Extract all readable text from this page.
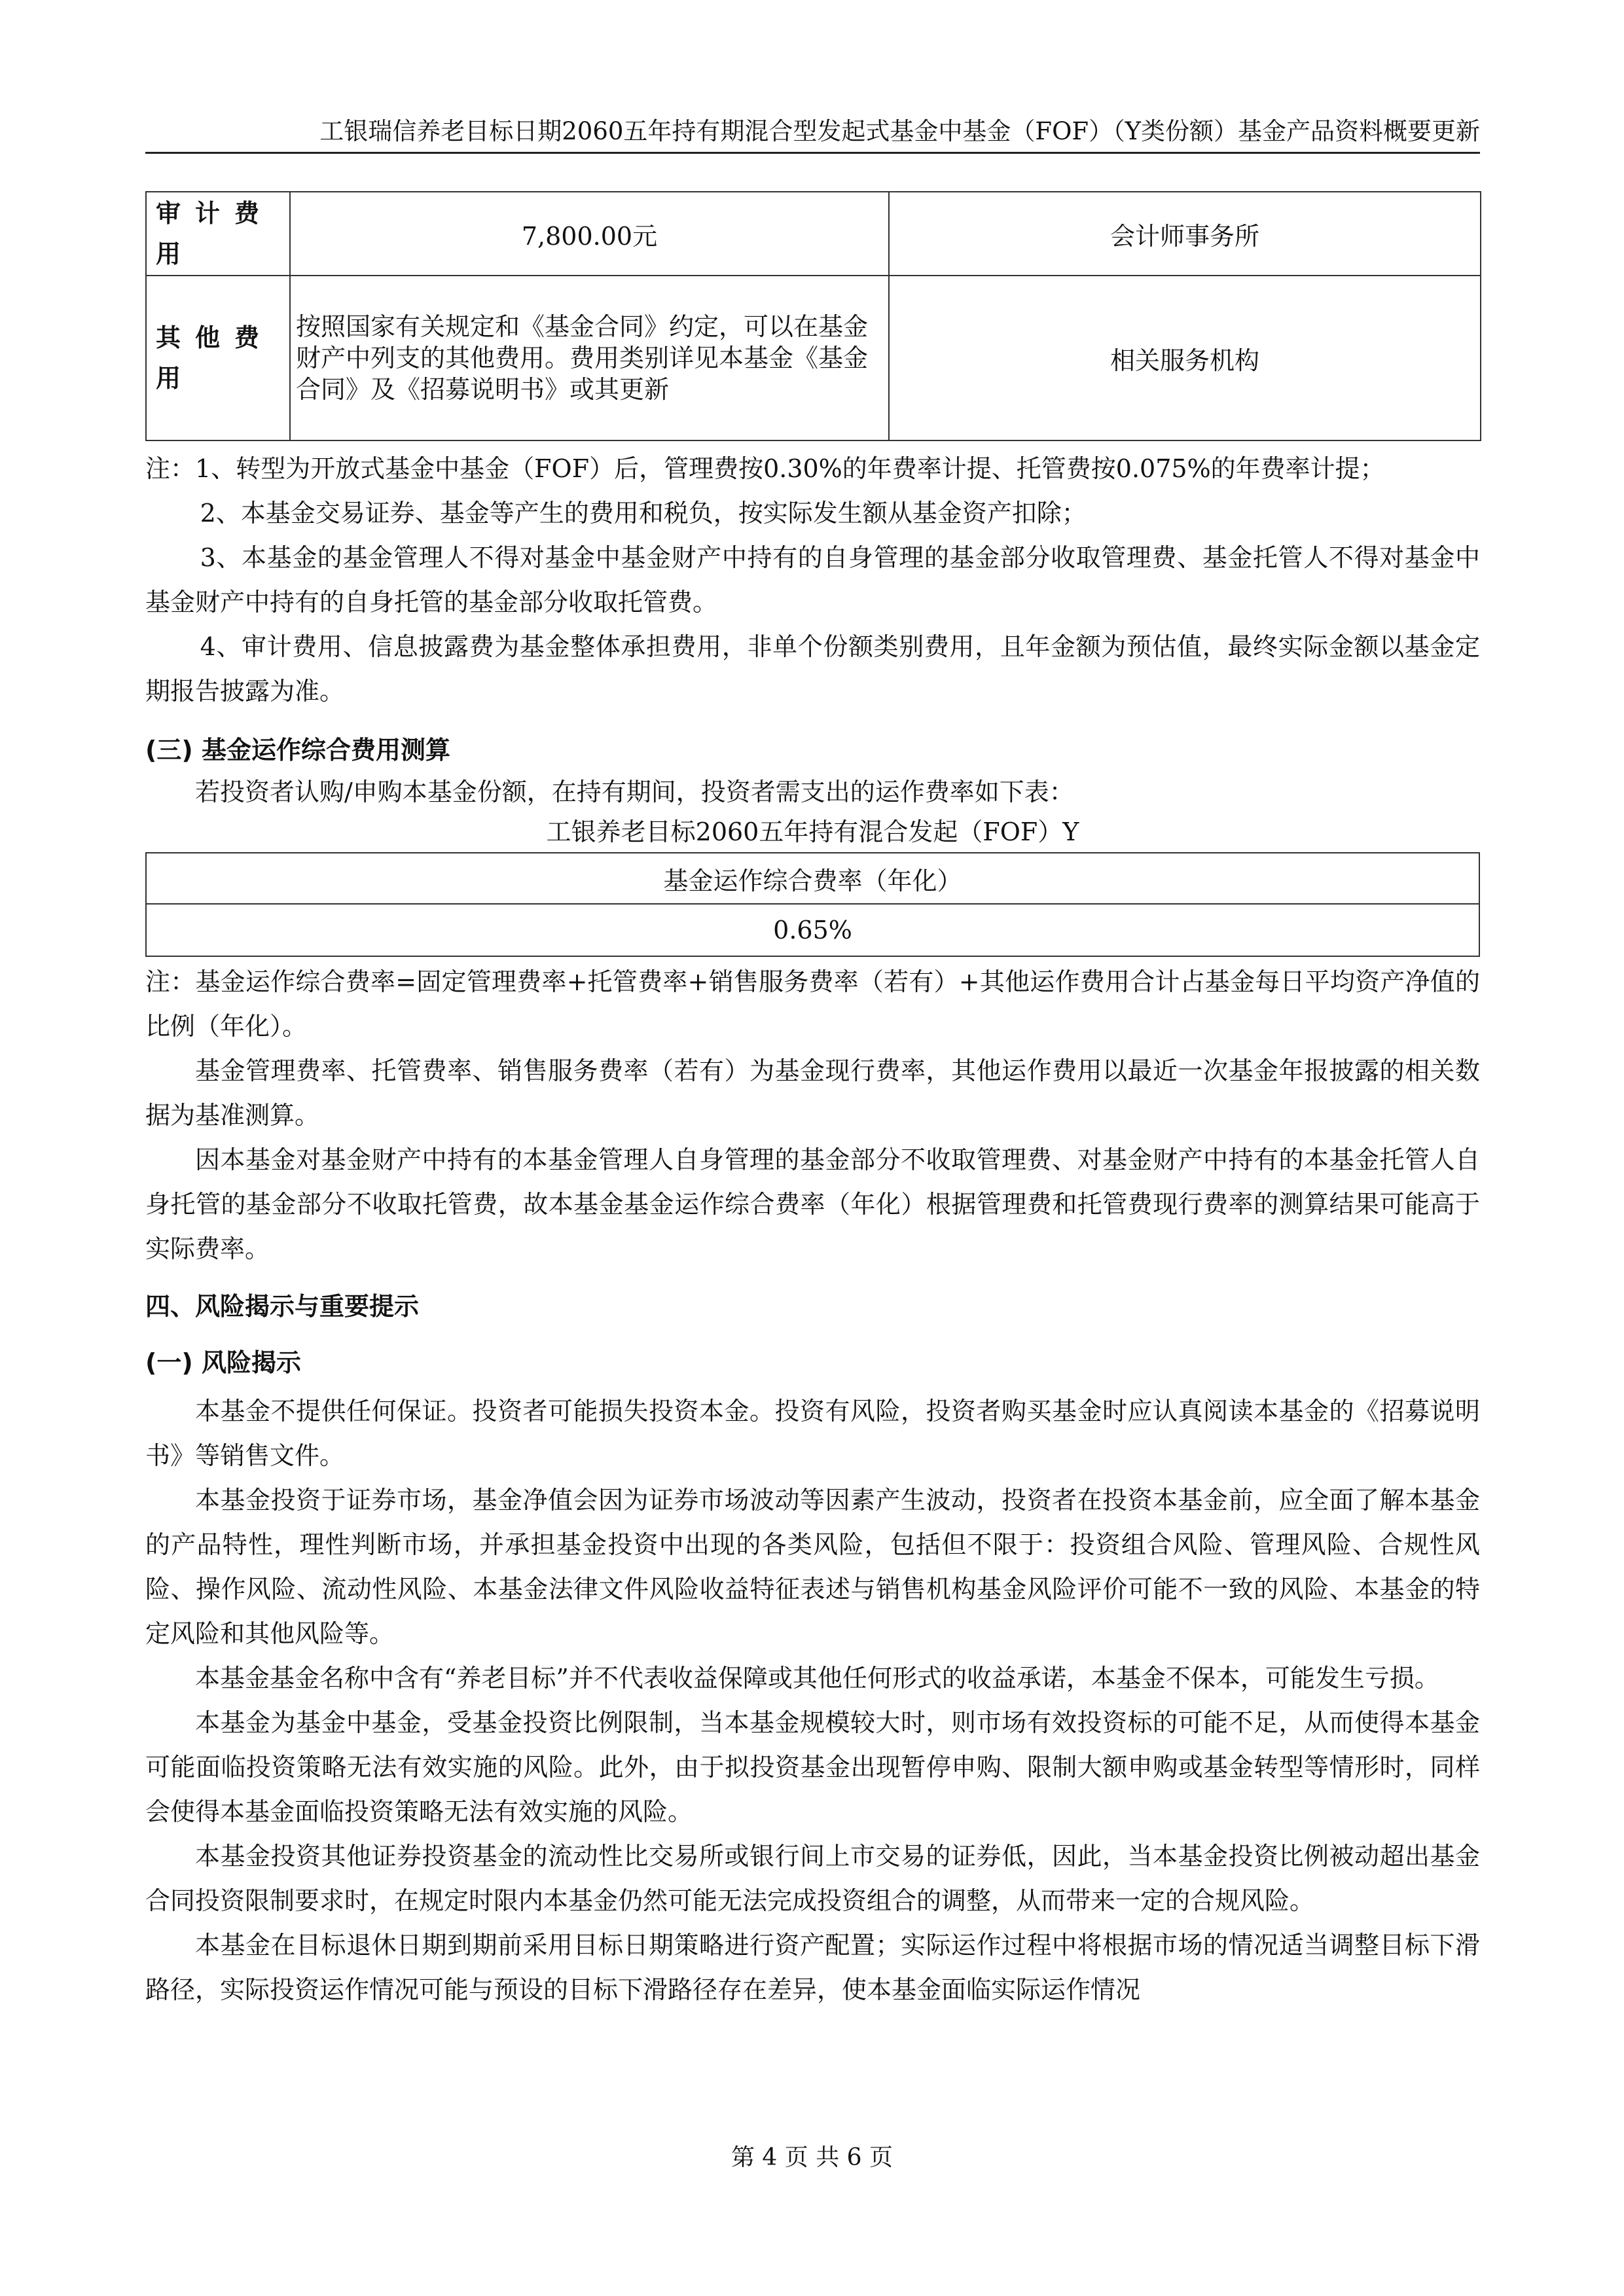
工银瑞信养老目标日期2060五年持有期混合型发起式基金中基金（FOF）（Y类份额）基金产品资料概要更新
审计费用	7,800.00元	会计师事务所
其他费用	按照国家有关规定和《基金合同》约定，可以在基金财产中列支的其他费用。费用类别详见本基金《基金合同》及《招募说明书》或其更新	相关服务机构

注：1、转型为开放式基金中基金（FOF）后，管理费按0.30%的年费率计提、托管费按0.075%的年费率计提；

2、本基金交易证券、基金等产生的费用和税负，按实际发生额从基金资产扣除；

3、本基金的基金管理人不得对基金中基金财产中持有的自身管理的基金部分收取管理费、基金托管人不得对基金中基金财产中持有的自身托管的基金部分收取托管费。

4、审计费用、信息披露费为基金整体承担费用，非单个份额类别费用，且年金额为预估值，最终实际金额以基金定期报告披露为准。

(三) 基金运作综合费用测算

若投资者认购/申购本基金份额，在持有期间，投资者需支出的运作费率如下表：

工银养老目标2060五年持有混合发起（FOF）Y

基金运作综合费率（年化）
0.65%

注：基金运作综合费率=固定管理费率+托管费率+销售服务费率（若有）+其他运作费用合计占基金每日平均资产净值的比例（年化）。

基金管理费率、托管费率、销售服务费率（若有）为基金现行费率，其他运作费用以最近一次基金年报披露的相关数据为基准测算。

因本基金对基金财产中持有的本基金管理人自身管理的基金部分不收取管理费、对基金财产中持有的本基金托管人自身托管的基金部分不收取托管费，故本基金基金运作综合费率（年化）根据管理费和托管费现行费率的测算结果可能高于实际费率。

四、风险揭示与重要提示

(一) 风险揭示

本基金不提供任何保证。投资者可能损失投资本金。投资有风险，投资者购买基金时应认真阅读本基金的《招募说明书》等销售文件。

本基金投资于证券市场，基金净值会因为证券市场波动等因素产生波动，投资者在投资本基金前，应全面了解本基金的产品特性，理性判断市场，并承担基金投资中出现的各类风险，包括但不限于：投资组合风险、管理风险、合规性风险、操作风险、流动性风险、本基金法律文件风险收益特征表述与销售机构基金风险评价可能不一致的风险、本基金的特定风险和其他风险等。

本基金基金名称中含有“养老目标”并不代表收益保障或其他任何形式的收益承诺，本基金不保本，可能发生亏损。

本基金为基金中基金，受基金投资比例限制，当本基金规模较大时，则市场有效投资标的可能不足，从而使得本基金可能面临投资策略无法有效实施的风险。此外，由于拟投资基金出现暂停申购、限制大额申购或基金转型等情形时，同样会使得本基金面临投资策略无法有效实施的风险。

本基金投资其他证券投资基金的流动性比交易所或银行间上市交易的证券低，因此，当本基金投资比例被动超出基金合同投资限制要求时，在规定时限内本基金仍然可能无法完成投资组合的调整，从而带来一定的合规风险。

本基金在目标退休日期到期前采用目标日期策略进行资产配置；实际运作过程中将根据市场的情况适当调整目标下滑路径，实际投资运作情况可能与预设的目标下滑路径存在差异，使本基金面临实际运作情况

第 4 页 共 6 页
